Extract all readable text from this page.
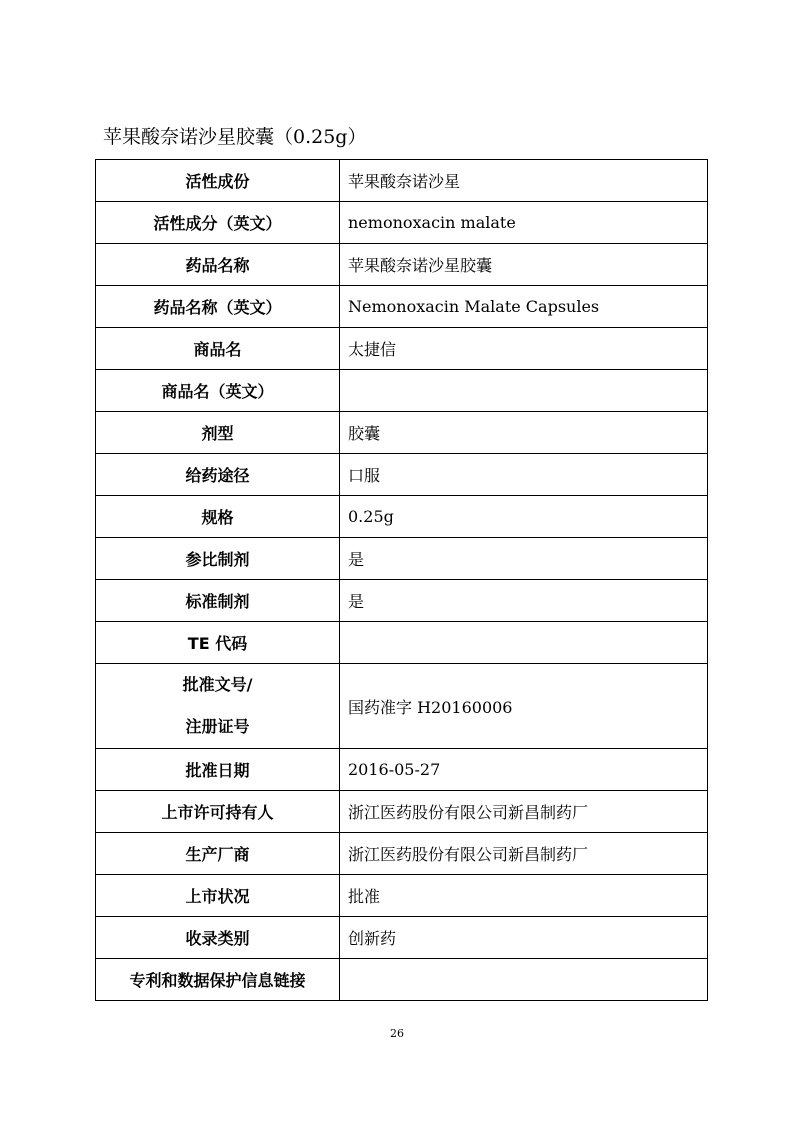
苹果酸奈诺沙星胶囊（0.25g）
活性成份	苹果酸奈诺沙星
活性成分（英文）	nemonoxacin malate
药品名称	苹果酸奈诺沙星胶囊
药品名称（英文）	Nemonoxacin Malate Capsules
商品名	太捷信
商品名（英文）	
剂型	胶囊
给药途径	口服
规格	0.25g
参比制剂	是
标准制剂	是
TE 代码	

批准文号/
注册证号	国药准字 H20160006
批准日期	2016-05-27
上市许可持有人	浙江医药股份有限公司新昌制药厂
生产厂商	浙江医药股份有限公司新昌制药厂
上市状况	批准
收录类别	创新药
专利和数据保护信息链接	
26
